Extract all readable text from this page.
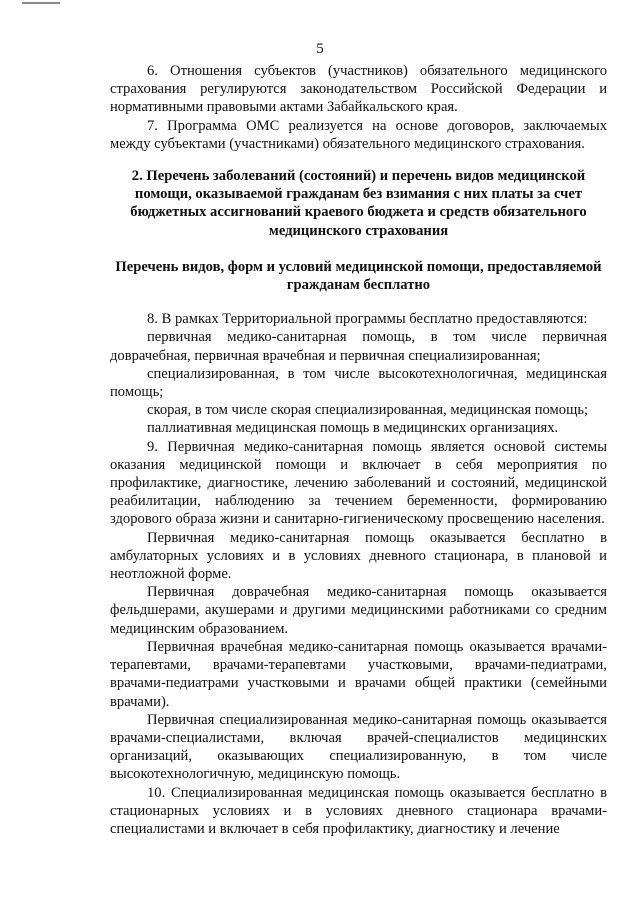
5

6. Отношения субъектов (участников) обязательного медицинского страхования регулируются законодательством Российской Федерации и нормативными правовыми актами Забайкальского края.

7. Программа ОМС реализуется на основе договоров, заключаемых между субъектами (участниками) обязательного медицинского страхования.

2. Перечень заболеваний (состояний) и перечень видов медицинской помощи, оказываемой гражданам без взимания с них платы за счет бюджетных ассигнований краевого бюджета и средств обязательного медицинского страхования

Перечень видов, форм и условий медицинской помощи, предоставляемой гражданам бесплатно

8. В рамках Территориальной программы бесплатно предоставляются:

первичная медико-санитарная помощь, в том числе первичная доврачебная, первичная врачебная и первичная специализированная;

специализированная, в том числе высокотехнологичная, медицинская помощь;

скорая, в том числе скорая специализированная, медицинская помощь;

паллиативная медицинская помощь в медицинских организациях.

9. Первичная медико-санитарная помощь является основой системы оказания медицинской помощи и включает в себя мероприятия по профилактике, диагностике, лечению заболеваний и состояний, медицинской реабилитации, наблюдению за течением беременности, формированию здорового образа жизни и санитарно-гигиеническому просвещению населения.

Первичная медико-санитарная помощь оказывается бесплатно в амбулаторных условиях и в условиях дневного стационара, в плановой и неотложной форме.

Первичная доврачебная медико-санитарная помощь оказывается фельдшерами, акушерами и другими медицинскими работниками со средним медицинским образованием.

Первичная врачебная медико-санитарная помощь оказывается врачами-терапевтами, врачами-терапевтами участковыми, врачами-педиатрами, врачами-педиатрами участковыми и врачами общей практики (семейными врачами).

Первичная специализированная медико-санитарная помощь оказывается врачами-специалистами, включая врачей-специалистов медицинских организаций, оказывающих специализированную, в том числе высокотехнологичную, медицинскую помощь.

10. Специализированная медицинская помощь оказывается бесплатно в стационарных условиях и в условиях дневного стационара врачами-специалистами и включает в себя профилактику, диагностику и лечение
